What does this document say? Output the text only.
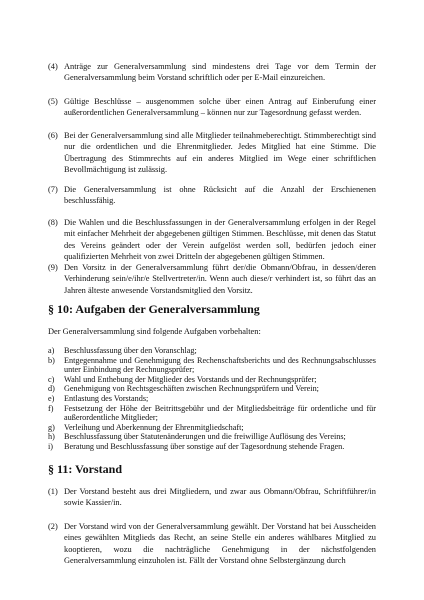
(4) Anträge zur Generalversammlung sind mindestens drei Tage vor dem Termin der Generalversammlung beim Vorstand schriftlich oder per E-Mail einzureichen.
(5) Gültige Beschlüsse – ausgenommen solche über einen Antrag auf Einberufung einer außerordentlichen Generalversammlung – können nur zur Tagesordnung gefasst werden.
(6) Bei der Generalversammlung sind alle Mitglieder teilnahmeberechtigt. Stimmberechtigt sind nur die ordentlichen und die Ehrenmitglieder. Jedes Mitglied hat eine Stimme. Die Übertragung des Stimmrechts auf ein anderes Mitglied im Wege einer schriftlichen Bevollmächtigung ist zulässig.
(7) Die Generalversammlung ist ohne Rücksicht auf die Anzahl der Erschienenen beschlussfähig.
(8) Die Wahlen und die Beschlussfassungen in der Generalversammlung erfolgen in der Regel mit einfacher Mehrheit der abgegebenen gültigen Stimmen. Beschlüsse, mit denen das Statut des Vereins geändert oder der Verein aufgelöst werden soll, bedürfen jedoch einer qualifizierten Mehrheit von zwei Dritteln der abgegebenen gültigen Stimmen.
(9) Den Vorsitz in der Generalversammlung führt der/die Obmann/Obfrau, in dessen/deren Verhinderung sein/e/ihr/e Stellvertreter/in. Wenn auch diese/r verhindert ist, so führt das an Jahren älteste anwesende Vorstandsmitglied den Vorsitz.
§ 10: Aufgaben der Generalversammlung
Der Generalversammlung sind folgende Aufgaben vorbehalten:
a) Beschlussfassung über den Voranschlag;
b) Entgegennahme und Genehmigung des Rechenschaftsberichts und des Rechnungsabschlusses unter Einbindung der Rechnungsprüfer;
c) Wahl und Enthebung der Mitglieder des Vorstands und der Rechnungsprüfer;
d) Genehmigung von Rechtsgeschäften zwischen Rechnungsprüfern und Verein;
e) Entlastung des Vorstands;
f) Festsetzung der Höhe der Beitrittsgebühr und der Mitgliedsbeiträge für ordentliche und für außerordentliche Mitglieder;
g) Verleihung und Aberkennung der Ehrenmitgliedschaft;
h) Beschlussfassung über Statutenänderungen und die freiwillige Auflösung des Vereins;
i) Beratung und Beschlussfassung über sonstige auf der Tagesordnung stehende Fragen.
§ 11: Vorstand
(1) Der Vorstand besteht aus drei Mitgliedern, und zwar aus Obmann/Obfrau, Schriftführer/in sowie Kassier/in.
(2) Der Vorstand wird von der Generalversammlung gewählt. Der Vorstand hat bei Ausscheiden eines gewählten Mitglieds das Recht, an seine Stelle ein anderes wählbares Mitglied zu kooptieren, wozu die nachträgliche Genehmigung in der nächstfolgenden Generalversammlung einzuholen ist. Fällt der Vorstand ohne Selbstergänzung durch
